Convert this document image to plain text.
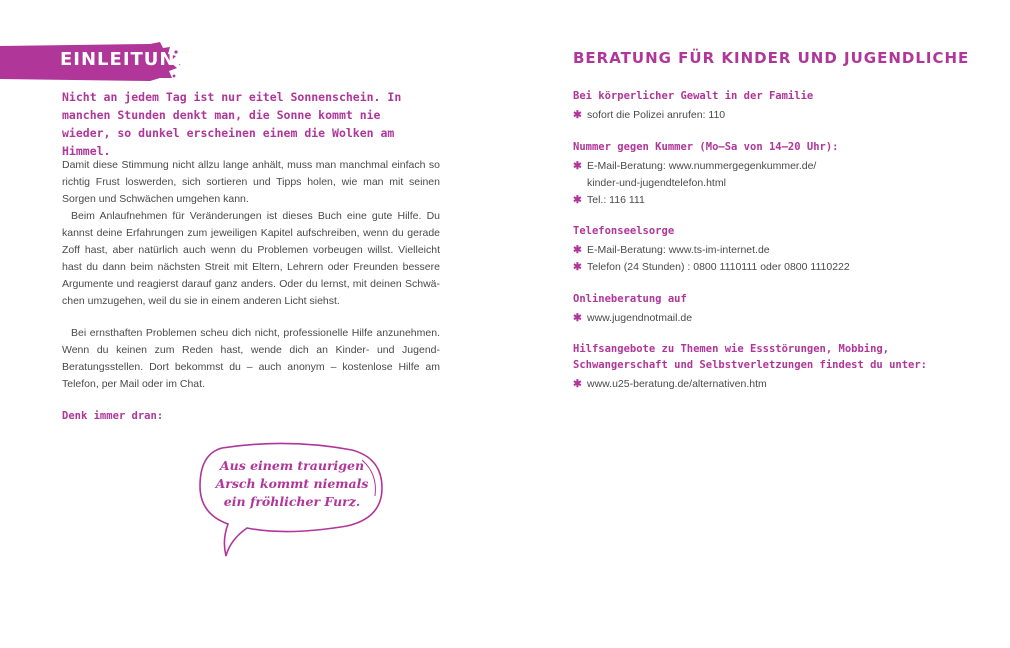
EINLEITUNG
Nicht an jedem Tag ist nur eitel Sonnenschein. In manchen Stunden denkt man, die Sonne kommt nie wieder, so dunkel erscheinen einem die Wolken am Himmel.

Damit diese Stimmung nicht allzu lange anhält, muss man manchmal einfach so richtig Frust loswerden, sich sortieren und Tipps holen, wie man mit seinen Sorgen und Schwächen umgehen kann.

Beim Anlaufnehmen für Veränderungen ist dieses Buch eine gute Hilfe. Du kannst deine Erfahrungen zum jeweiligen Kapitel aufschreiben, wenn du gerade Zoff hast, aber natürlich auch wenn du Problemen vorbeugen willst. Vielleicht hast du dann beim nächsten Streit mit Eltern, Lehrern oder Freunden bessere Argumente und reagierst darauf ganz anders. Oder du lernst, mit deinen Schwächen umzugehen, weil du sie in einem anderen Licht siehst.

Bei ernsthaften Problemen scheu dich nicht, professionelle Hilfe anzunehmen. Wenn du keinen zum Reden hast, wende dich an Kinder- und Jugend-Beratungsstellen. Dort bekommst du – auch anonym – kostenlose Hilfe am Telefon, per Mail oder im Chat.

Denk immer dran:
Aus einem traurigen
Arsch kommt niemals
ein fröhlicher Furz.
BERATUNG FÜR KINDER UND JUGENDLICHE
Bei körperlicher Gewalt in der Familie
✱ sofort die Polizei anrufen: 110
Nummer gegen Kummer (Mo–Sa von 14–20 Uhr):
✱ E-Mail-Beratung: www.nummergegenkummer.de/
kinder-und-jugendtelefon.html
✱ Tel.: 116 111
Telefonseelsorge
✱ E-Mail-Beratung: www.ts-im-internet.de
✱ Telefon (24 Stunden) : 0800 1110111 oder 0800 1110222
Onlineberatung auf
✱ www.jugendnotmail.de
Hilfsangebote zu Themen wie Essstörungen, Mobbing,
Schwangerschaft und Selbstverletzungen findest du unter:
✱ www.u25-beratung.de/alternativen.htm
